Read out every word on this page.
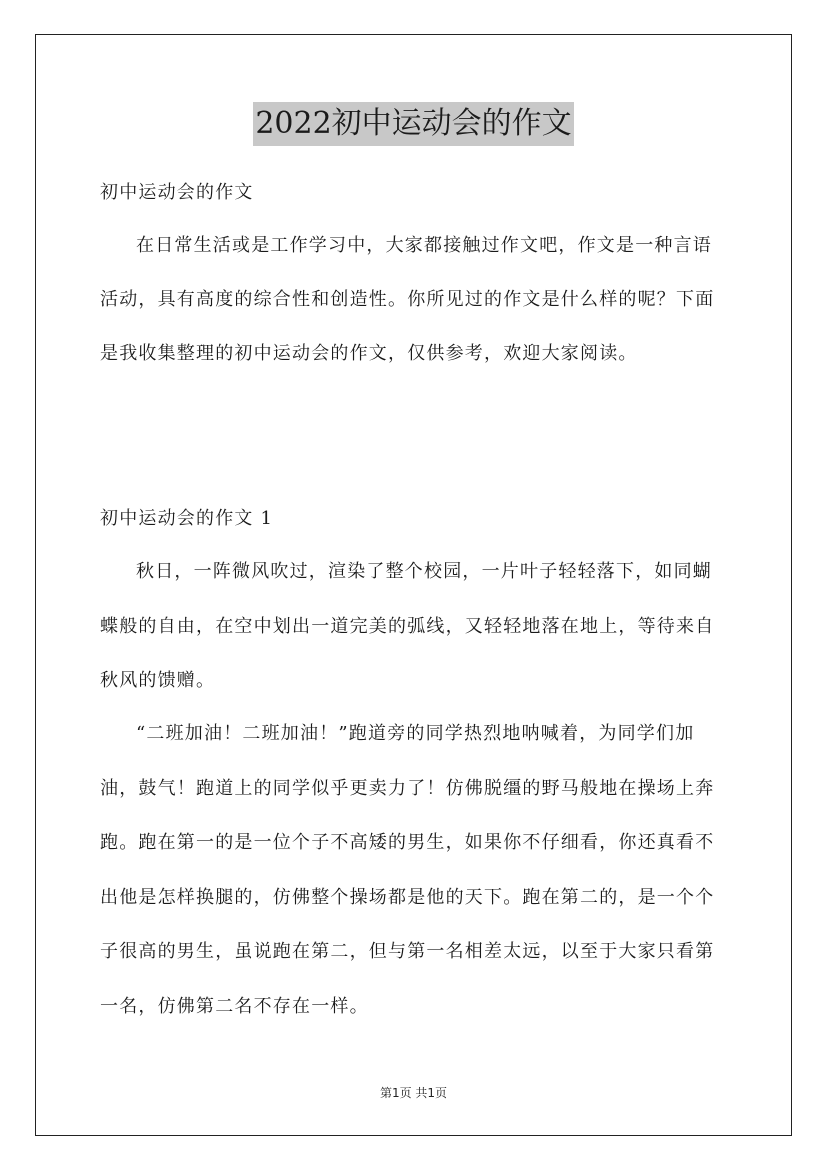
2022初中运动会的作文

初中运动会的作文

在日常生活或是工作学习中，大家都接触过作文吧，作文是一种言语活动，具有高度的综合性和创造性。你所见过的作文是什么样的呢？下面是我收集整理的初中运动会的作文，仅供参考，欢迎大家阅读。

初中运动会的作文 1

秋日，一阵微风吹过，渲染了整个校园，一片叶子轻轻落下，如同蝴蝶般的自由，在空中划出一道完美的弧线，又轻轻地落在地上，等待来自秋风的馈赠。

“二班加油！二班加油！”跑道旁的同学热烈地呐喊着，为同学们加油，鼓气！跑道上的同学似乎更卖力了！仿佛脱缰的野马般地在操场上奔跑。跑在第一的是一位个子不高矮的男生，如果你不仔细看，你还真看不出他是怎样换腿的，仿佛整个操场都是他的天下。跑在第二的，是一个个子很高的男生，虽说跑在第二，但与第一名相差太远，以至于大家只看第一名，仿佛第二名不存在一样。

第1页 共1页
